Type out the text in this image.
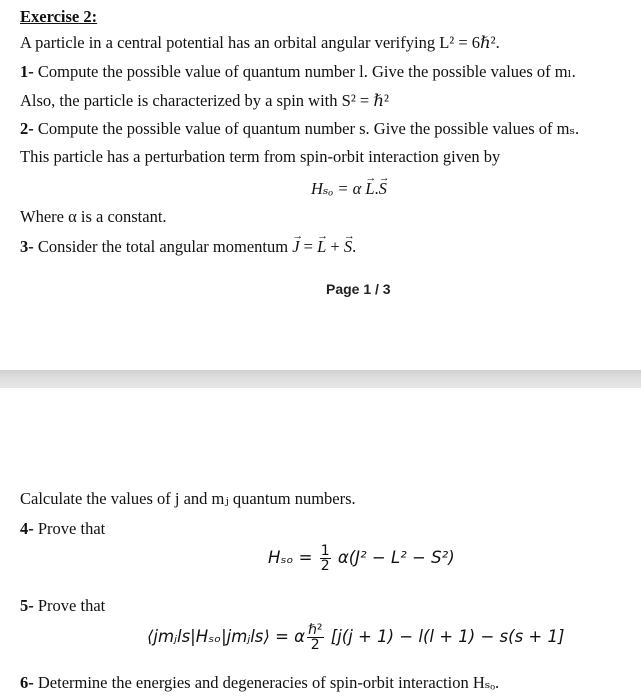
Exercise 2:
A particle in a central potential has an orbital angular verifying L² = 6ℏ².
1- Compute the possible value of quantum number l. Give the possible values of mₗ.
Also, the particle is characterized by a spin with S² = ℏ²
2- Compute the possible value of quantum number s. Give the possible values of mₛ.
This particle has a perturbation term from spin-orbit interaction given by
Hₛₒ = α → L.→ S
Where α is a constant.
3- Consider the total angular momentum → J = → L + → S.
Page 1 / 3
Calculate the values of j and mⱼ quantum numbers.
4- Prove that
$H_{so} = \frac{1}{2} \alpha(J^2 - L^2 - S^2)$
5- Prove that
⟨jmⱼls|Hₛₒ|jmⱼls⟩ = α $\frac{\text{ℏ²}}{2} [j(j + 1) - l(l + 1) - s(s + 1]$
6- Determine the energies and degeneracies of spin-orbit interaction Hₛₒ.
